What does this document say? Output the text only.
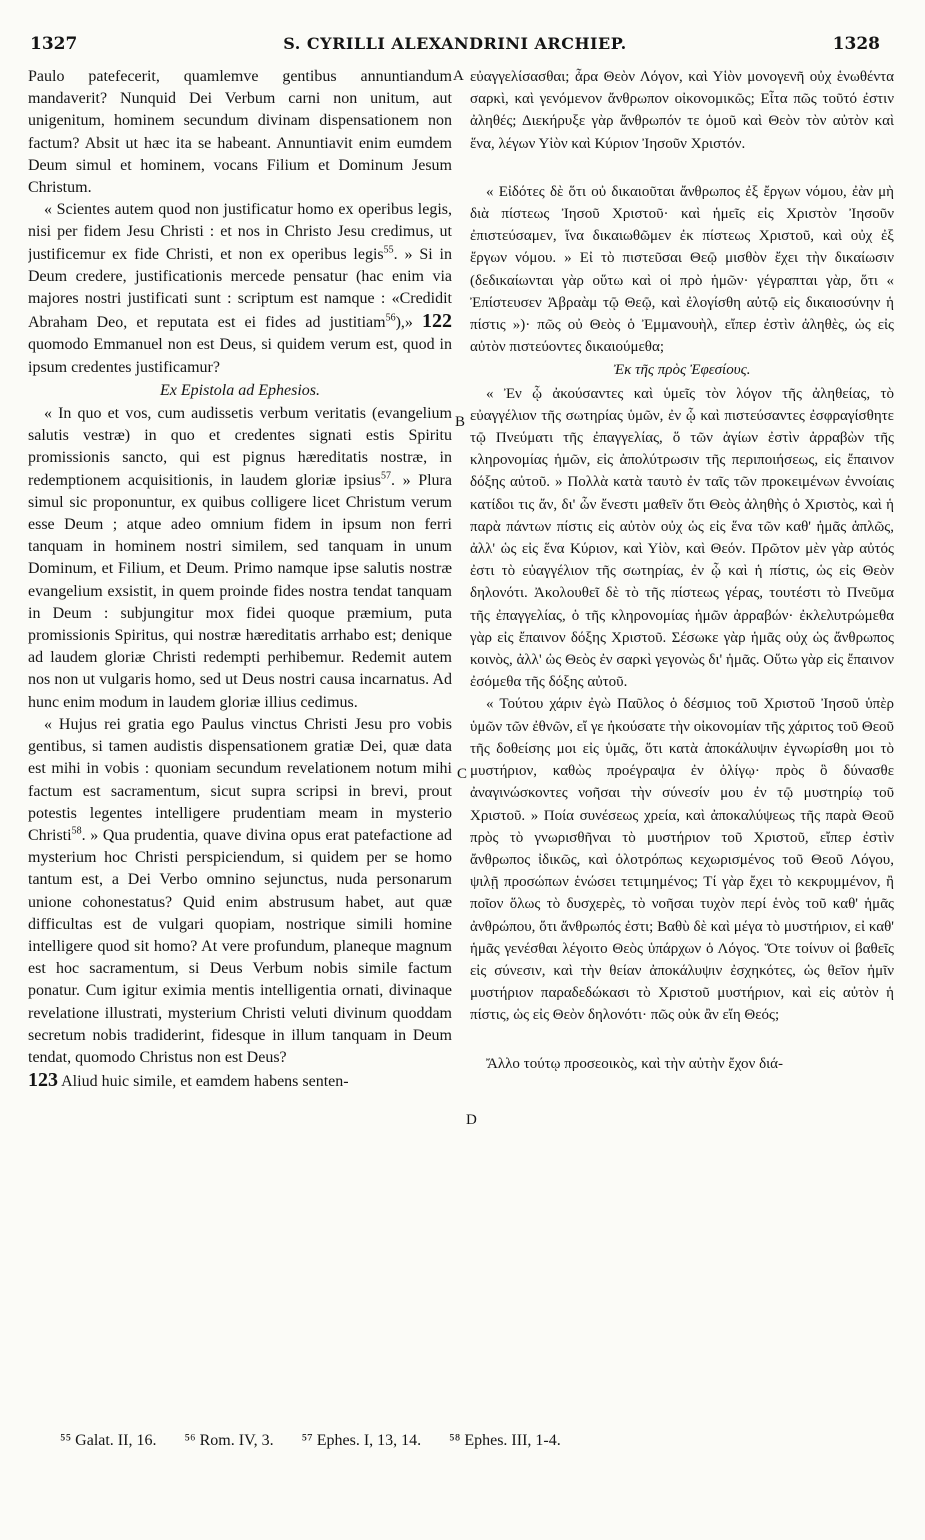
1327	S. CYRILLI ALEXANDRINI ARCHIEP.	1328
A
B
C
D

Paulo patefecerit, quamlemve gentibus annuntiandum mandaverit? Nunquid Dei Verbum carni non unitum, aut unigenitum, hominem secundum divinam dispensationem non factum? Absit ut hæc ita se habeant. Annuntiavit enim eumdem Deum simul et hominem, vocans Filium et Dominum Jesum Christum.

« Scientes autem quod non justificatur homo ex operibus legis, nisi per fidem Jesu Christi : et nos in Christo Jesu credimus, ut justificemur ex fide Christi, et non ex operibus legis$^{55}$. » Si in Deum credere, justificationis mercede pensatur (hac enim via majores nostri justificati sunt : scriptum est namque : «Credidit Abraham Deo, et reputata est ei fides ad justitiam$^{56}$),» 122 quomodo Emmanuel non est Deus, si quidem verum est, quod in ipsum credentes justificamur?

Ex Epistola ad Ephesios.

« In quo et vos, cum audissetis verbum veritatis (evangelium salutis vestræ) in quo et credentes signati estis Spiritu promissionis sancto, qui est pignus hæreditatis nostræ, in redemptionem acquisitionis, in laudem gloriæ ipsius$^{57}$. » Plura simul sic proponuntur, ex quibus colligere licet Christum verum esse Deum ; atque adeo omnium fidem in ipsum non ferri tanquam in hominem nostri similem, sed tanquam in unum Dominum, et Filium, et Deum. Primo namque ipse salutis nostræ evangelium exsistit, in quem proinde fides nostra tendat tanquam in Deum : subjungitur mox fidei quoque præmium, puta promissionis Spiritus, qui nostræ hæreditatis arrhabo est; denique ad laudem gloriæ Christi redempti perhibemur. Redemit autem nos non ut vulgaris homo, sed ut Deus nostri causa incarnatus. Ad hunc enim modum in laudem gloriæ illius cedimus.

« Hujus rei gratia ego Paulus vinctus Christi Jesu pro vobis gentibus, si tamen audistis dispensationem gratiæ Dei, quæ data est mihi in vobis : quoniam secundum revelationem notum mihi factum est sacramentum, sicut supra scripsi in brevi, prout potestis legentes intelligere prudentiam meam in mysterio Christi$^{58}$. » Qua prudentia, quave divina opus erat patefactione ad mysterium hoc Christi perspiciendum, si quidem per se homo tantum est, a Dei Verbo omnino sejunctus, nuda personarum unione cohonestatus? Quid enim abstrusum habet, aut quæ difficultas est de vulgari quopiam, nostrique simili homine intelligere quod sit homo? At vere profundum, planeque magnum est hoc sacramentum, si Deus Verbum nobis simile factum ponatur. Cum igitur eximia mentis intelligentia ornati, divinaque revelatione illustrati, mysterium Christi veluti divinum quoddam secretum nobis tradiderint, fidesque in illum tanquam in Deum tendat, quomodo Christus non est Deus?

123 Aliud huic simile, et eamdem habens senten-

εὐαγγελίσασθαι; ἆρα Θεὸν Λόγον, καὶ Υἱὸν μονογενῆ οὐχ ἑνωθέντα σαρκὶ, καὶ γενόμενον ἄνθρωπον οἰκονομικῶς; Εἶτα πῶς τοῦτό ἐστιν ἀληθές; Διεκήρυξε γὰρ ἄνθρωπόν τε ὁμοῦ καὶ Θεὸν τὸν αὐτὸν καὶ ἕνα, λέγων Υἱὸν καὶ Κύριον Ἰησοῦν Χριστόν.

« Εἰδότες δὲ ὅτι οὐ δικαιοῦται ἄνθρωπος ἐξ ἔργων νόμου, ἐὰν μὴ διὰ πίστεως Ἰησοῦ Χριστοῦ· καὶ ἡμεῖς εἰς Χριστὸν Ἰησοῦν ἐπιστεύσαμεν, ἵνα δικαιωθῶμεν ἐκ πίστεως Χριστοῦ, καὶ οὐχ ἐξ ἔργων νόμου. » Εἰ τὸ πιστεῦσαι Θεῷ μισθὸν ἔχει τὴν δικαίωσιν (δεδικαίωνται γὰρ οὕτω καὶ οἱ πρὸ ἡμῶν· γέγραπται γὰρ, ὅτι « Ἐπίστευσεν Ἀβραὰμ τῷ Θεῷ, καὶ ἐλογίσθη αὐτῷ εἰς δικαιοσύνην ἡ πίστις »)· πῶς οὐ Θεὸς ὁ Ἐμμανουὴλ, εἴπερ ἐστὶν ἀληθὲς, ὡς εἰς αὐτὸν πιστεύοντες δικαιούμεθα;

Ἐκ τῆς πρὸς Ἐφεσίους.

« Ἐν ᾧ ἀκούσαντες καὶ ὑμεῖς τὸν λόγον τῆς ἀληθείας, τὸ εὐαγγέλιον τῆς σωτηρίας ὑμῶν, ἐν ᾧ καὶ πιστεύσαντες ἐσφραγίσθητε τῷ Πνεύματι τῆς ἐπαγγελίας, ὅ τῶν ἁγίων ἐστὶν ἀρραβὼν τῆς κληρονομίας ἡμῶν, εἰς ἀπολύτρωσιν τῆς περιποιήσεως, εἰς ἔπαινον δόξης αὐτοῦ. » Πολλὰ κατὰ ταυτὸ ἐν ταῖς τῶν προκειμένων ἐννοίαις κατίδοι τις ἄν, δι' ὧν ἔνεστι μαθεῖν ὅτι Θεὸς ἀληθὴς ὁ Χριστὸς, καὶ ἡ παρὰ πάντων πίστις εἰς αὐτὸν οὐχ ὡς εἰς ἕνα τῶν καθ' ἡμᾶς ἁπλῶς, ἀλλ' ὡς εἰς ἕνα Κύριον, καὶ Υἱὸν, καὶ Θεόν. Πρῶτον μὲν γὰρ αὐτός ἐστι τὸ εὐαγγέλιον τῆς σωτηρίας, ἐν ᾧ καὶ ἡ πίστις, ὡς εἰς Θεὸν δηλονότι. Ἀκολουθεῖ δὲ τὸ τῆς πίστεως γέρας, τουτέστι τὸ Πνεῦμα τῆς ἐπαγγελίας, ὁ τῆς κληρονομίας ἡμῶν ἀρραβών· ἐκλελυτρώμεθα γὰρ εἰς ἔπαινον δόξης Χριστοῦ. Σέσωκε γὰρ ἡμᾶς οὐχ ὡς ἄνθρωπος κοινὸς, ἀλλ' ὡς Θεὸς ἐν σαρκὶ γεγονὼς δι' ἡμᾶς. Οὕτω γὰρ εἰς ἔπαινον ἐσόμεθα τῆς δόξης αὐτοῦ.

« Τούτου χάριν ἐγὼ Παῦλος ὁ δέσμιος τοῦ Χριστοῦ Ἰησοῦ ὑπὲρ ὑμῶν τῶν ἐθνῶν, εἴ γε ἠκούσατε τὴν οἰκονομίαν τῆς χάριτος τοῦ Θεοῦ τῆς δοθείσης μοι εἰς ὑμᾶς, ὅτι κατὰ ἀποκάλυψιν ἐγνωρίσθη μοι τὸ μυστήριον, καθὼς προέγραψα ἐν ὀλίγῳ· πρὸς ὃ δύνασθε ἀναγινώσκοντες νοῆσαι τὴν σύνεσίν μου ἐν τῷ μυστηρίῳ τοῦ Χριστοῦ. » Ποία συνέσεως χρεία, καὶ ἀποκαλύψεως τῆς παρὰ Θεοῦ πρὸς τὸ γνωρισθῆναι τὸ μυστήριον τοῦ Χριστοῦ, εἴπερ ἐστὶν ἄνθρωπος ἰδικῶς, καὶ ὁλοτρόπως κεχωρισμένος τοῦ Θεοῦ Λόγου, ψιλῇ προσώπων ἑνώσει τετιμημένος; Τί γὰρ ἔχει τὸ κεκρυμμένον, ἢ ποῖον ὅλως τὸ δυσχερὲς, τὸ νοῆσαι τυχὸν περί ἑνὸς τοῦ καθ' ἡμᾶς ἀνθρώπου, ὅτι ἄνθρωπός ἐστι; Βαθὺ δὲ καὶ μέγα τὸ μυστήριον, εἰ καθ' ἡμᾶς γενέσθαι λέγοιτο Θεὸς ὑπάρχων ὁ Λόγος. Ὅτε τοίνυν οἱ βαθεῖς εἰς σύνεσιν, καὶ τὴν θείαν ἀποκάλυψιν ἐσχηκότες, ὡς θεῖον ἡμῖν μυστήριον παραδεδώκασι τὸ Χριστοῦ μυστήριον, καὶ εἰς αὐτὸν ἡ πίστις, ὡς εἰς Θεὸν δηλονότι· πῶς οὐκ ἂν εἴη Θεός;

Ἄλλο τούτῳ προσεοικὸς, καὶ τὴν αὐτὴν ἔχον διά-

⁵⁵ Galat. II, 16. ⁵⁶ Rom. IV, 3. ⁵⁷ Ephes. I, 13, 14. ⁵⁸ Ephes. III, 1-4.
